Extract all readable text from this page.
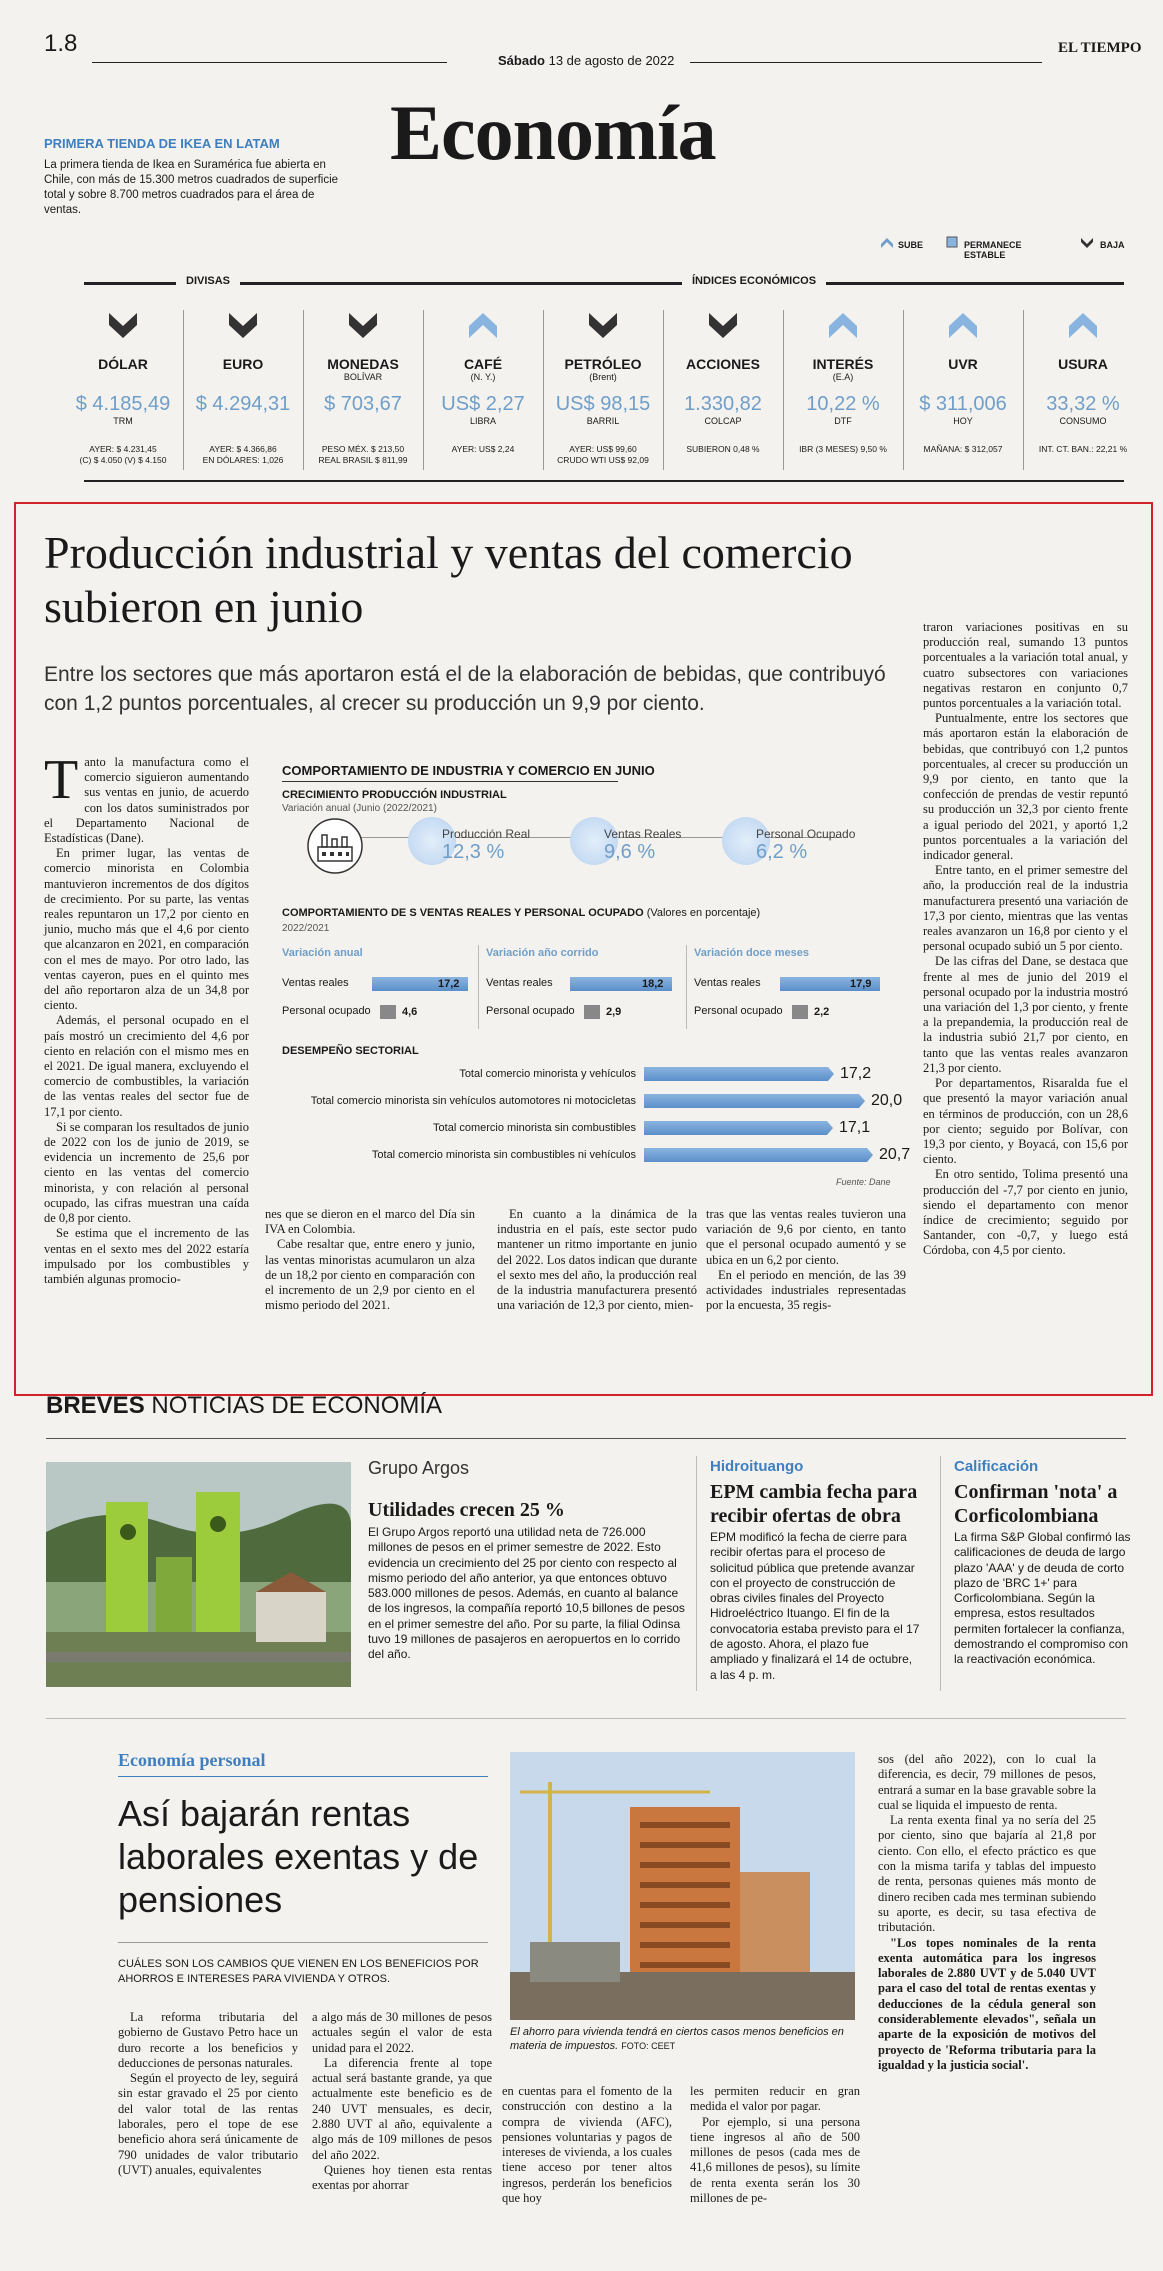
1.8
Sábado 13 de agosto de 2022
EL TIEMPO
Economía
PRIMERA TIENDA DE IKEA EN LATAM
La primera tienda de Ikea en Suramérica fue abierta en Chile, con más de 15.300 metros cuadrados de superficie total y sobre 8.700 metros cuadrados para el área de ventas.
SUBE	PERMANECE ESTABLE
BAJA
DIVISAS	ÍNDICES ECONÓMICOS
DÓLAR
$ 4.185,49
TRM
AYER: $ 4.231,45
(C) $ 4.050 (V) $ 4.150
EURO
$ 4.294,31
AYER: $ 4.366,86
EN DÓLARES: 1,026
MONEDAS
BOLÍVAR
$ 703,67
PESO MÉX. $ 213,50
REAL BRASIL $ 811,99
CAFÉ
(N. Y.)
US$ 2,27
LIBRA
AYER: US$ 2,24
PETRÓLEO
(Brent)
US$ 98,15
BARRIL
AYER: US$ 99,60
CRUDO WTI US$ 92,09
ACCIONES
1.330,82
COLCAP
SUBIERON 0,48 %
INTERÉS
(E.A)
10,22 %
DTF
IBR (3 MESES) 9,50 %
UVR
$ 311,006
HOY
MAÑANA: $ 312,057
USURA
33,32 %
CONSUMO
INT. CT. BAN.: 22,21 %
Producción industrial y ventas del comercio subieron en junio
Entre los sectores que más aportaron está el de la elaboración de bebidas, que contribuyó con 1,2 puntos porcentuales, al crecer su producción un 9,9 por ciento.

Tanto la manufactura como el comercio siguieron aumentando sus ventas en junio, de acuerdo con los datos suministrados por el Departamento Nacional de Estadísticas (Dane).

En primer lugar, las ventas de comercio minorista en Colombia mantuvieron incrementos de dos dígitos de crecimiento. Por su parte, las ventas reales repuntaron un 17,2 por ciento en junio, mucho más que el 4,6 por ciento que alcanzaron en 2021, en comparación con el mes de mayo. Por otro lado, las ventas cayeron, pues en el quinto mes del año reportaron alza de un 34,8 por ciento.

Además, el personal ocupado en el país mostró un crecimiento del 4,6 por ciento en relación con el mismo mes en el 2021. De igual manera, excluyendo el comercio de combustibles, la variación de las ventas reales del sector fue de 17,1 por ciento.

Si se comparan los resultados de junio de 2022 con los de junio de 2019, se evidencia un incremento de 25,6 por ciento en las ventas del comercio minorista, y con relación al personal ocupado, las cifras muestran una caída de 0,8 por ciento.

Se estima que el incremento de las ventas en el sexto mes del 2022 estaría impulsado por los combustibles y también algunas promocio-

nes que se dieron en el marco del Día sin IVA en Colombia.

Cabe resaltar que, entre enero y junio, las ventas minoristas acumularon un alza de un 18,2 por ciento en comparación con el incremento de un 2,9 por ciento en el mismo periodo del 2021.

En cuanto a la dinámica de la industria en el país, este sector pudo mantener un ritmo importante en junio del 2022. Los datos indican que durante el sexto mes del año, la producción real de la industria manufacturera presentó una variación de 12,3 por ciento, mien-

tras que las ventas reales tuvieron una variación de 9,6 por ciento, en tanto que el personal ocupado aumentó y se ubica en un 6,2 por ciento.

En el periodo en mención, de las 39 actividades industriales representadas por la encuesta, 35 regis-

traron variaciones positivas en su producción real, sumando 13 puntos porcentuales a la variación total anual, y cuatro subsectores con variaciones negativas restaron en conjunto 0,7 puntos porcentuales a la variación total.

Puntualmente, entre los sectores que más aportaron están la elaboración de bebidas, que contribuyó con 1,2 puntos porcentuales, al crecer su producción un 9,9 por ciento, en tanto que la confección de prendas de vestir repuntó su producción un 32,3 por ciento frente a igual periodo del 2021, y aportó 1,2 puntos porcentuales a la variación del indicador general.

Entre tanto, en el primer semestre del año, la producción real de la industria manufacturera presentó una variación de 17,3 por ciento, mientras que las ventas reales avanzaron un 16,8 por ciento y el personal ocupado subió un 5 por ciento.

De las cifras del Dane, se destaca que frente al mes de junio del 2019 el personal ocupado por la industria mostró una variación del 1,3 por ciento, y frente a la prepandemia, la producción real de la industria subió 21,7 por ciento, en tanto que las ventas reales avanzaron 21,3 por ciento.

Por departamentos, Risaralda fue el que presentó la mayor variación anual en términos de producción, con un 28,6 por ciento; seguido por Bolívar, con 19,3 por ciento, y Boyacá, con 15,6 por ciento.

En otro sentido, Tolima presentó una producción del -7,7 por ciento en junio, siendo el departamento con menor índice de crecimiento; seguido por Santander, con -0,7, y luego está Córdoba, con 4,5 por ciento.

COMPORTAMIENTO DE INDUSTRIA Y COMERCIO EN JUNIO
CRECIMIENTO PRODUCCIÓN INDUSTRIAL
Variación anual (Junio (2022/2021)
Producción Real
12,3 %
Ventas Reales
9,6 %
Personal Ocupado
6,2 %
COMPORTAMIENTO DE S VENTAS REALES Y PERSONAL OCUPADO (Valores en porcentaje)
2022/2021
Variación anual
Ventas reales	17,2
Personal ocupado	4,6
Variación año corrido
Ventas reales	18,2
Personal ocupado	2,9
Variación doce meses
Ventas reales	17,9
Personal ocupado	2,2
DESEMPEÑO SECTORIAL
Total comercio minorista y vehículos	17,2
Total comercio minorista sin vehículos automotores ni motocicletas	20,0
Total comercio minorista sin combustibles	17,1
Total comercio minorista sin combustibles ni vehículos	20,7
Fuente: Dane
BREVES NOTICIAS DE ECONOMÍA
Grupo Argos
Utilidades crecen 25 %
El Grupo Argos reportó una utilidad neta de 726.000 millones de pesos en el primer semestre de 2022. Esto evidencia un crecimiento del 25 por ciento con respecto al mismo periodo del año anterior, ya que entonces obtuvo 583.000 millones de pesos. Además, en cuanto al balance de los ingresos, la compañía reportó 10,5 billones de pesos en el primer semestre del año. Por su parte, la filial Odinsa tuvo 19 millones de pasajeros en aeropuertos en lo corrido del año.
Hidroituango
EPM cambia fecha para recibir ofertas de obra
EPM modificó la fecha de cierre para recibir ofertas para el proceso de solicitud pública que pretende avanzar con el proyecto de construcción de obras civiles finales del Proyecto Hidroeléctrico Ituango. El fin de la convocatoria estaba previsto para el 17 de agosto. Ahora, el plazo fue ampliado y finalizará el 14 de octubre, a las 4 p. m.
Calificación
Confirman 'nota' a Corficolombiana
La firma S&P Global confirmó las calificaciones de deuda de largo plazo 'AAA' y de deuda de corto plazo de 'BRC 1+' para Corficolombiana. Según la empresa, estos resultados permiten fortalecer la confianza, demostrando el compromiso con la reactivación económica.
Economía personal
Así bajarán rentas laborales exentas y de pensiones
CUÁLES SON LOS CAMBIOS QUE VIENEN EN LOS BENEFICIOS POR AHORROS E INTERESES PARA VIVIENDA Y OTROS.
El ahorro para vivienda tendrá en ciertos casos menos beneficios en materia de impuestos. FOTO: CEET

La reforma tributaria del gobierno de Gustavo Petro hace un duro recorte a los beneficios y deducciones de personas naturales.

Según el proyecto de ley, seguirá sin estar gravado el 25 por ciento del valor total de las rentas laborales, pero el tope de ese beneficio ahora será únicamente de 790 unidades de valor tributario (UVT) anuales, equivalentes

a algo más de 30 millones de pesos actuales según el valor de esta unidad para el 2022.

La diferencia frente al tope actual será bastante grande, ya que actualmente este beneficio es de 240 UVT mensuales, es decir, 2.880 UVT al año, equivalente a algo más de 109 millones de pesos del año 2022.

Quienes hoy tienen esta rentas exentas por ahorrar

en cuentas para el fomento de la construcción con destino a la compra de vivienda (AFC), pensiones voluntarias y pagos de intereses de vivienda, a los cuales tiene acceso por tener altos ingresos, perderán los beneficios que hoy

les permiten reducir en gran medida el valor por pagar.

Por ejemplo, si una persona tiene ingresos al año de 500 millones de pesos (cada mes de 41,6 millones de pesos), su límite de renta exenta serán los 30 millones de pe-

sos (del año 2022), con lo cual la diferencia, es decir, 79 millones de pesos, entrará a sumar en la base gravable sobre la cual se liquida el impuesto de renta.

La renta exenta final ya no sería del 25 por ciento, sino que bajaría al 21,8 por ciento. Con ello, el efecto práctico es que con la misma tarifa y tablas del impuesto de renta, personas quienes más monto de dinero reciben cada mes terminan subiendo su aporte, es decir, su tasa efectiva de tributación.

"Los topes nominales de la renta exenta automática para los ingresos laborales de 2.880 UVT y de 5.040 UVT para el caso del total de rentas exentas y deducciones de la cédula general son considerablemente elevados", señala un aparte de la exposición de motivos del proyecto de 'Reforma tributaria para la igualdad y la justicia social'.
